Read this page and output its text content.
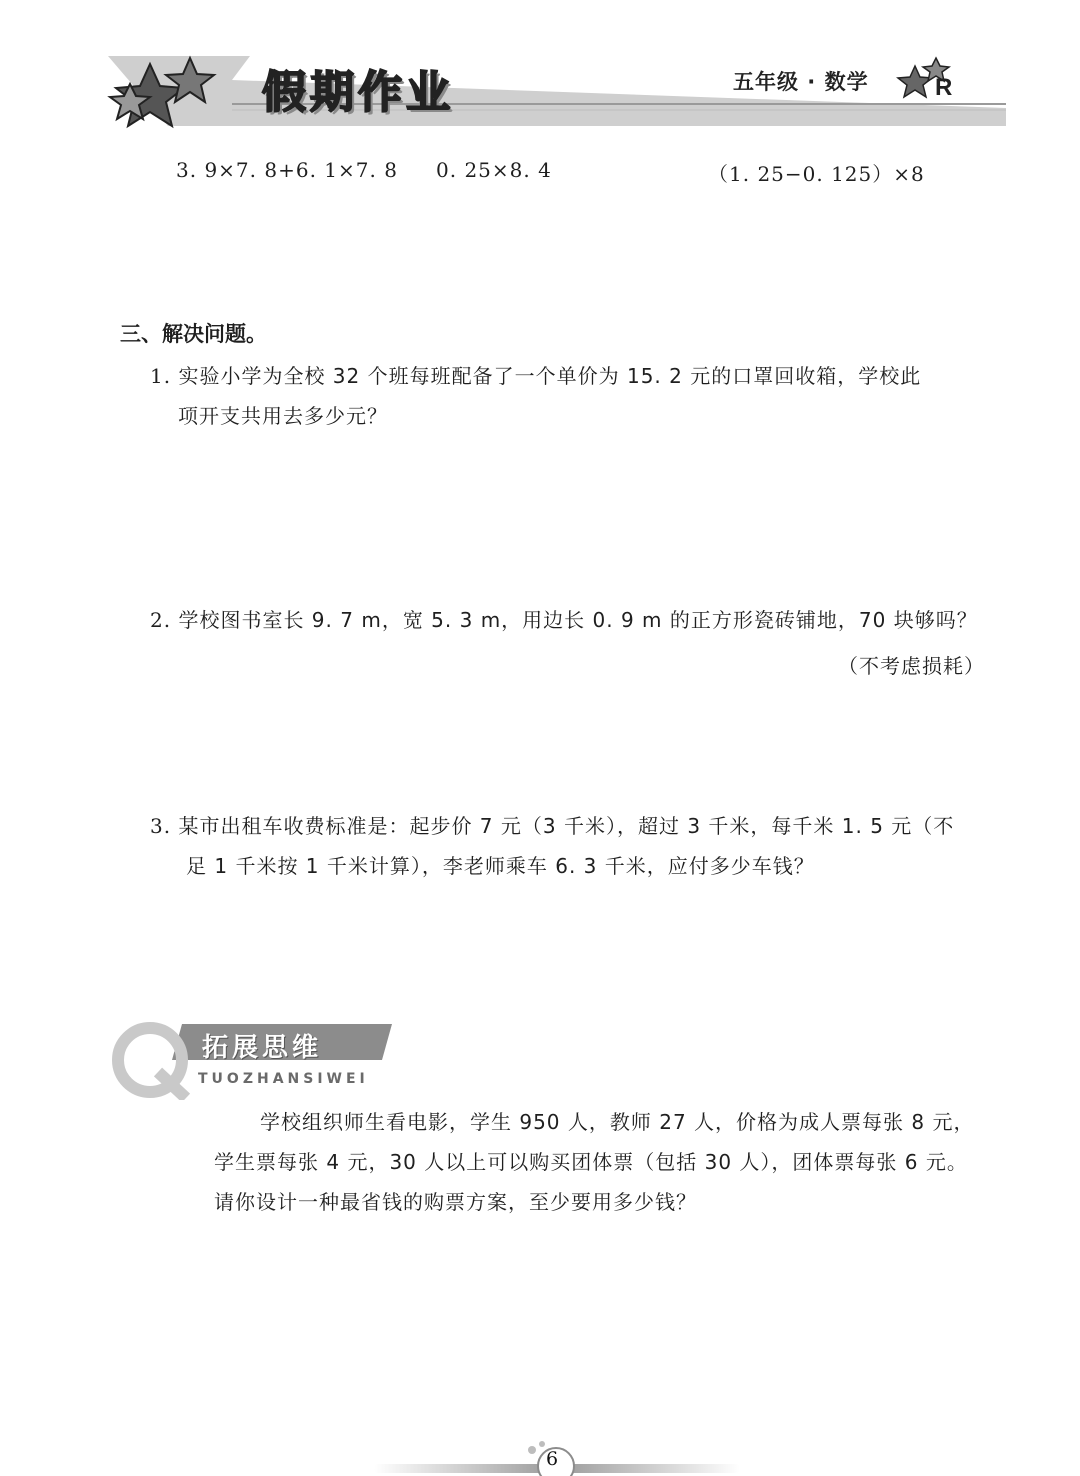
假期作业	五年级 · 数学	R
3. 9×7. 8+6. 1×7. 8 0. 25×8. 4	（1. 25−0. 125）×8
三、解决问题。
1. 实验小学为全校 32 个班每班配备了一个单价为 15. 2 元的口罩回收箱，学校此
项开支共用去多少元？
2. 学校图书室长 9. 7 m，宽 5. 3 m，用边长 0. 9 m 的正方形瓷砖铺地，70 块够吗？
（不考虑损耗）
3. 某市出租车收费标准是：起步价 7 元（3 千米），超过 3 千米，每千米 1. 5 元（不
足 1 千米按 1 千米计算），李老师乘车 6. 3 千米，应付多少车钱？
拓展思维
TUOZHANSIWEI
学校组织师生看电影，学生 950 人，教师 27 人，价格为成人票每张 8 元，
学生票每张 4 元，30 人以上可以购买团体票（包括 30 人），团体票每张 6 元。
请你设计一种最省钱的购票方案，至少要用多少钱？
6
